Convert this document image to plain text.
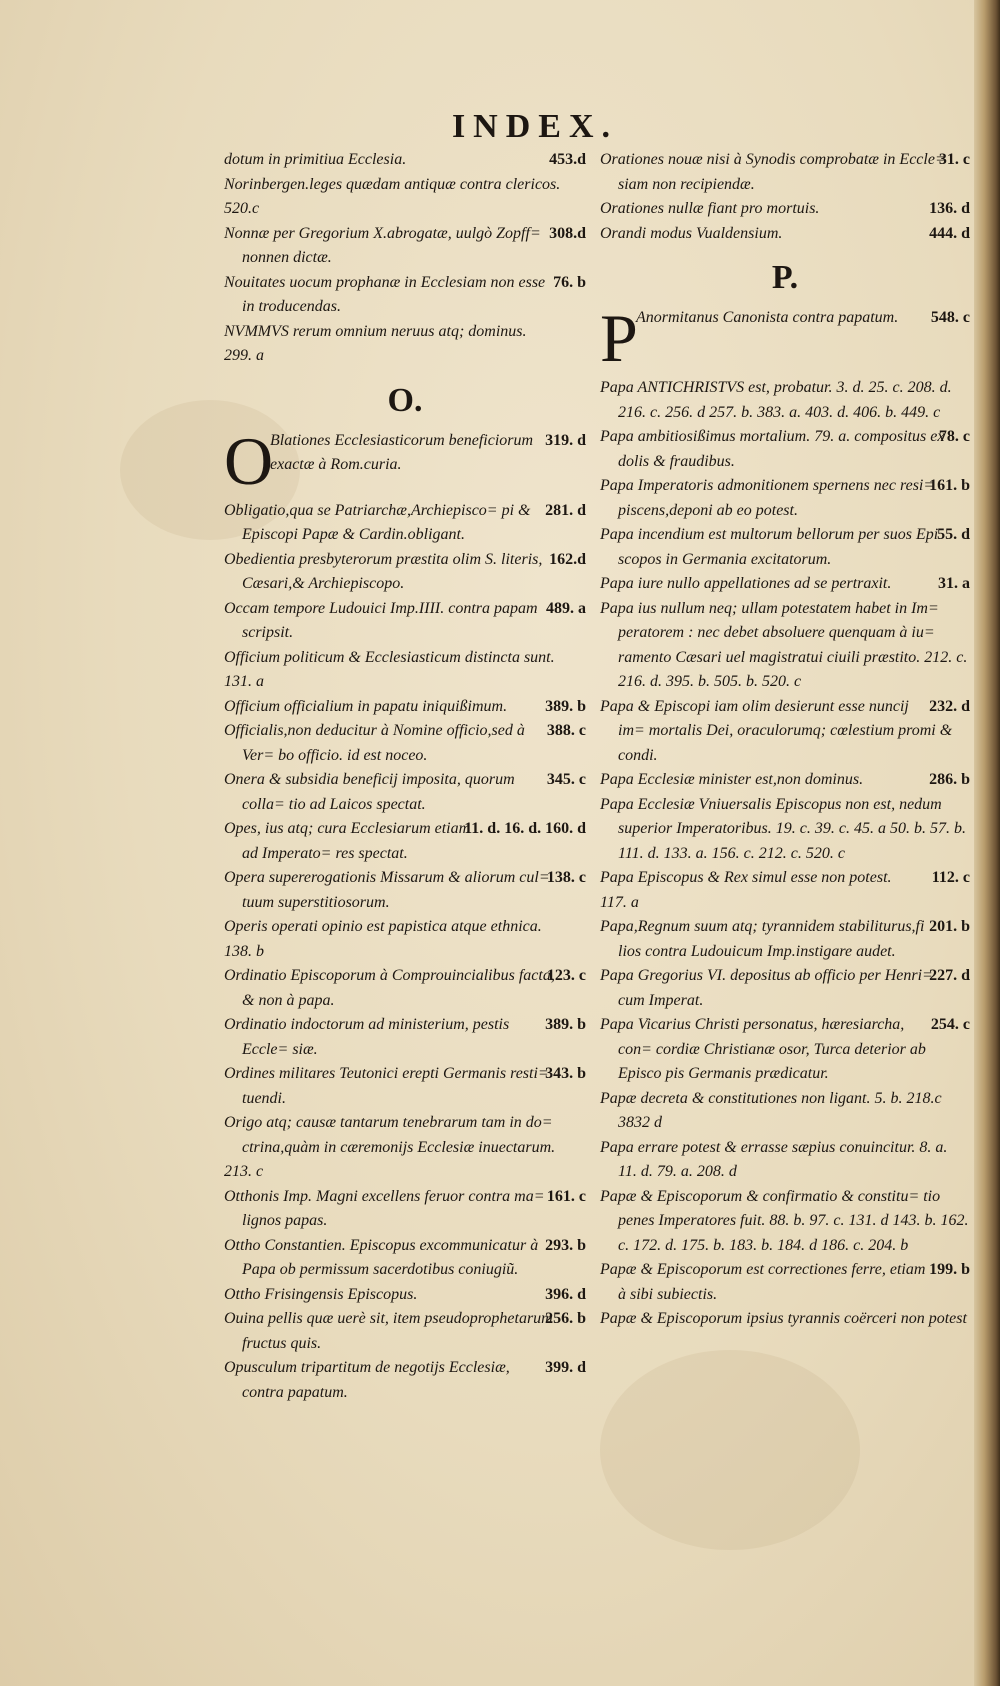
INDEX.
453.d
dotum in primitiua Ecclesia.
Norinbergen.leges quædam antiquæ contra clericos.
520.c
308.d
Nonnæ per Gregorium X.abrogatæ, uulgò Zopff= nonnen dictæ.
76. b
Nouitates uocum prophanæ in Ecclesiam non esse in troducendas.
NVMMVS rerum omnium neruus atq; dominus.
299. a
O.
O	319. d
Blationes Ecclesiasticorum beneficiorum exactæ à Rom.curia.
281. d
Obligatio,qua se Patriarchæ,Archiepisco= pi & Episcopi Papæ & Cardin.obligant.
162.d
Obedientia presbyterorum præstita olim S. literis, Cæsari,& Archiepiscopo.
489. a
Occam tempore Ludouici Imp.IIII. contra papam scripsit.
Officium politicum & Ecclesiasticum distincta sunt.
131. a
389. b
Officium officialium in papatu iniquißimum.
388. c
Officialis,non deducitur à Nomine officio,sed à Ver= bo officio. id est noceo.
345. c
Onera & subsidia beneficij imposita, quorum colla= tio ad Laicos spectat.
11. d. 16. d. 160. d
Opes, ius atq; cura Ecclesiarum etiam ad Imperato= res spectat.
138. c
Opera supererogationis Missarum & aliorum cul= tuum superstitiosorum.
Operis operati opinio est papistica atque ethnica.
138. b
123. c
Ordinatio Episcoporum à Comprouincialibus facta, & non à papa.
389. b
Ordinatio indoctorum ad ministerium, pestis Eccle= siæ.
343. b
Ordines militares Teutonici erepti Germanis resti= tuendi.
Origo atq; causæ tantarum tenebrarum tam in do= ctrina,quàm in cæremonijs Ecclesiæ inuectarum.
213. c
161. c
Otthonis Imp. Magni excellens feruor contra ma= lignos papas.
293. b
Ottho Constantien. Episcopus excommunicatur à Papa ob permissum sacerdotibus coniugiũ.
396. d
Ottho Frisingensis Episcopus.
256. b
Ouina pellis quæ uerè sit, item pseudoprophetarum fructus quis.
399. d
Opusculum tripartitum de negotijs Ecclesiæ, contra papatum.
31. c
Orationes nouæ nisi à Synodis comprobatæ in Eccle= siam non recipiendæ.
136. d
Orationes nullæ fiant pro mortuis.
444. d
Orandi modus Vualdensium.
P.
P	548. c
Anormitanus Canonista contra papatum.
Papa ANTICHRISTVS est, probatur. 3. d. 25. c. 208. d. 216. c. 256. d 257. b. 383. a. 403. d. 406. b. 449. c
78. c
Papa ambitiosißimus mortalium. 79. a. compositus ex dolis & fraudibus.
161. b
Papa Imperatoris admonitionem spernens nec resi= piscens,deponi ab eo potest.
55. d
Papa incendium est multorum bellorum per suos Epi scopos in Germania excitatorum.
31. a
Papa iure nullo appellationes ad se pertraxit.
Papa ius nullum neq; ullam potestatem habet in Im= peratorem : nec debet absoluere quenquam à iu= ramento Cæsari uel magistratui ciuili præstito. 212. c. 216. d. 395. b. 505. b. 520. c
232. d
Papa & Episcopi iam olim desierunt esse nuncij im= mortalis Dei, oraculorumq; cœlestium promi & condi.
286. b
Papa Ecclesiæ minister est,non dominus.
Papa Ecclesiæ Vniuersalis Episcopus non est, nedum superior Imperatoribus. 19. c. 39. c. 45. a 50. b. 57. b. 111. d. 133. a. 156. c. 212. c. 520. c
112. c
Papa Episcopus & Rex simul esse non potest.
117. a
201. b
Papa,Regnum suum atq; tyrannidem stabiliturus,fi lios contra Ludouicum Imp.instigare audet.
227. d
Papa Gregorius VI. depositus ab officio per Henri= cum Imperat.
254. c
Papa Vicarius Christi personatus, hæresiarcha, con= cordiæ Christianæ osor, Turca deterior ab Episco pis Germanis prædicatur.
Papæ decreta & constitutiones non ligant. 5. b. 218.c 3832 d
Papa errare potest & errasse sæpius conuincitur. 8. a. 11. d. 79. a. 208. d
Papæ & Episcoporum & confirmatio & constitu= tio penes Imperatores fuit. 88. b. 97. c. 131. d 143. b. 162. c. 172. d. 175. b. 183. b. 184. d 186. c. 204. b
199. b
Papæ & Episcoporum est correctiones ferre, etiam à sibi subiectis.
Papæ & Episcoporum ipsius tyrannis coërceri non potest
